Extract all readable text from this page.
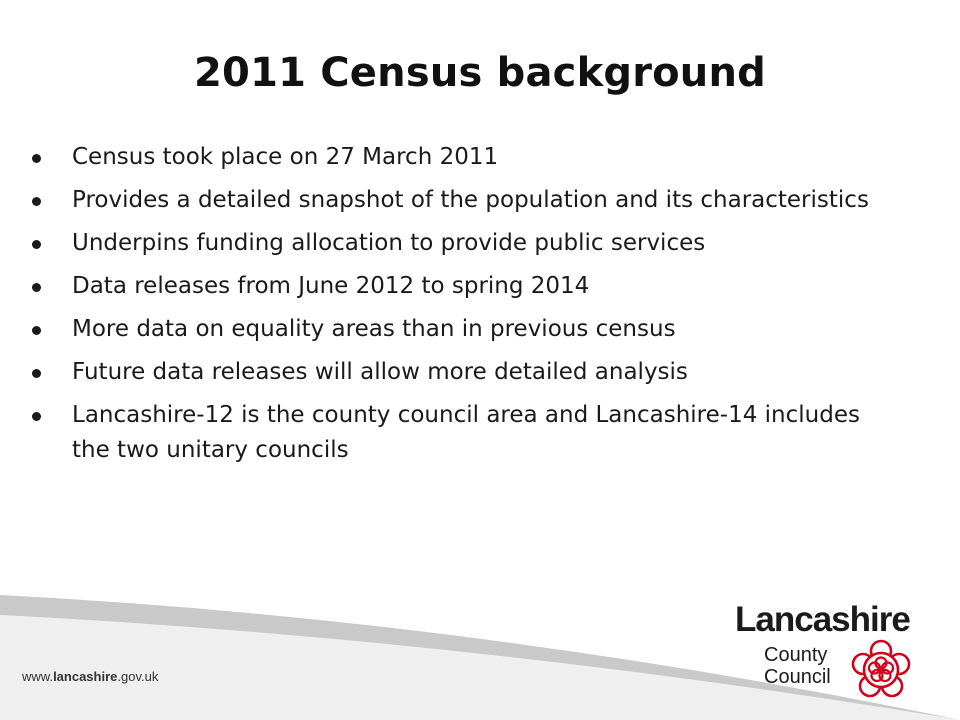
2011 Census background
Census took place on 27 March 2011
Provides a detailed snapshot of the population and its characteristics
Underpins funding allocation to provide public services
Data releases from June 2012 to spring 2014
More data on equality areas than in previous census
Future data releases will allow more detailed analysis
Lancashire-12 is the county council area and Lancashire-14 includes the two unitary councils
www.lancashire.gov.uk
Lancashire
County
Council
